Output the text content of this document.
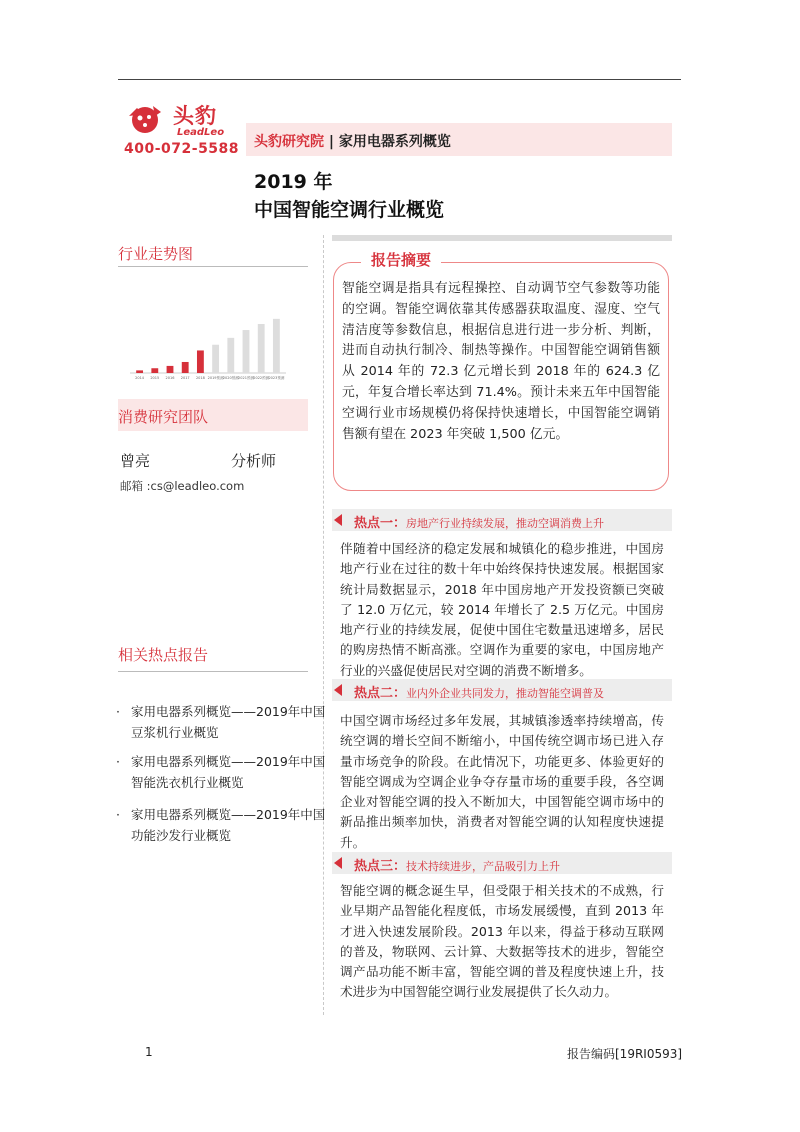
头豹
LeadLeo
400-072-5588 头豹研究院 | 家用电器系列概览
2019 年
中国智能空调行业概览
行业走势图
2014 2015 2016 2017 2018 2019预测 2020预测 2021预测 2022预测 2023预测
消费研究团队
曾亮	分析师
邮箱 :cs@leadleo.com
相关热点报告
· 家用电器系列概览——2019年中国豆浆机行业概览
· 家用电器系列概览——2019年中国智能洗衣机行业概览
· 家用电器系列概览——2019年中国功能沙发行业概览
报告摘要
智能空调是指具有远程操控、自动调节空气参数等功能的空调。智能空调依靠其传感器获取温度、湿度、空气清洁度等参数信息，根据信息进行进一步分析、判断，进而自动执行制冷、制热等操作。中国智能空调销售额从 2014 年的 72.3 亿元增长到 2018 年的 624.3 亿元，年复合增长率达到 71.4%。预计未来五年中国智能空调行业市场规模仍将保持快速增长，中国智能空调销售额有望在 2023 年突破 1,500 亿元。
热点一：房地产行业持续发展，推动空调消费上升
伴随着中国经济的稳定发展和城镇化的稳步推进，中国房地产行业在过往的数十年中始终保持快速发展。根据国家统计局数据显示，2018 年中国房地产开发投资额已突破了 12.0 万亿元，较 2014 年增长了 2.5 万亿元。中国房地产行业的持续发展，促使中国住宅数量迅速增多，居民的购房热情不断高涨。空调作为重要的家电，中国房地产行业的兴盛促使居民对空调的消费不断增多。
热点二：业内外企业共同发力，推动智能空调普及
中国空调市场经过多年发展，其城镇渗透率持续增高，传统空调的增长空间不断缩小，中国传统空调市场已进入存量市场竞争的阶段。在此情况下，功能更多、体验更好的智能空调成为空调企业争夺存量市场的重要手段，各空调企业对智能空调的投入不断加大，中国智能空调市场中的新品推出频率加快，消费者对智能空调的认知程度快速提升。
热点三：技术持续进步，产品吸引力上升
智能空调的概念诞生早，但受限于相关技术的不成熟，行业早期产品智能化程度低，市场发展缓慢，直到 2013 年才进入快速发展阶段。2013 年以来，得益于移动互联网的普及，物联网、云计算、大数据等技术的进步，智能空调产品功能不断丰富，智能空调的普及程度快速上升，技术进步为中国智能空调行业发展提供了长久动力。
1	报告编码[19RI0593]
